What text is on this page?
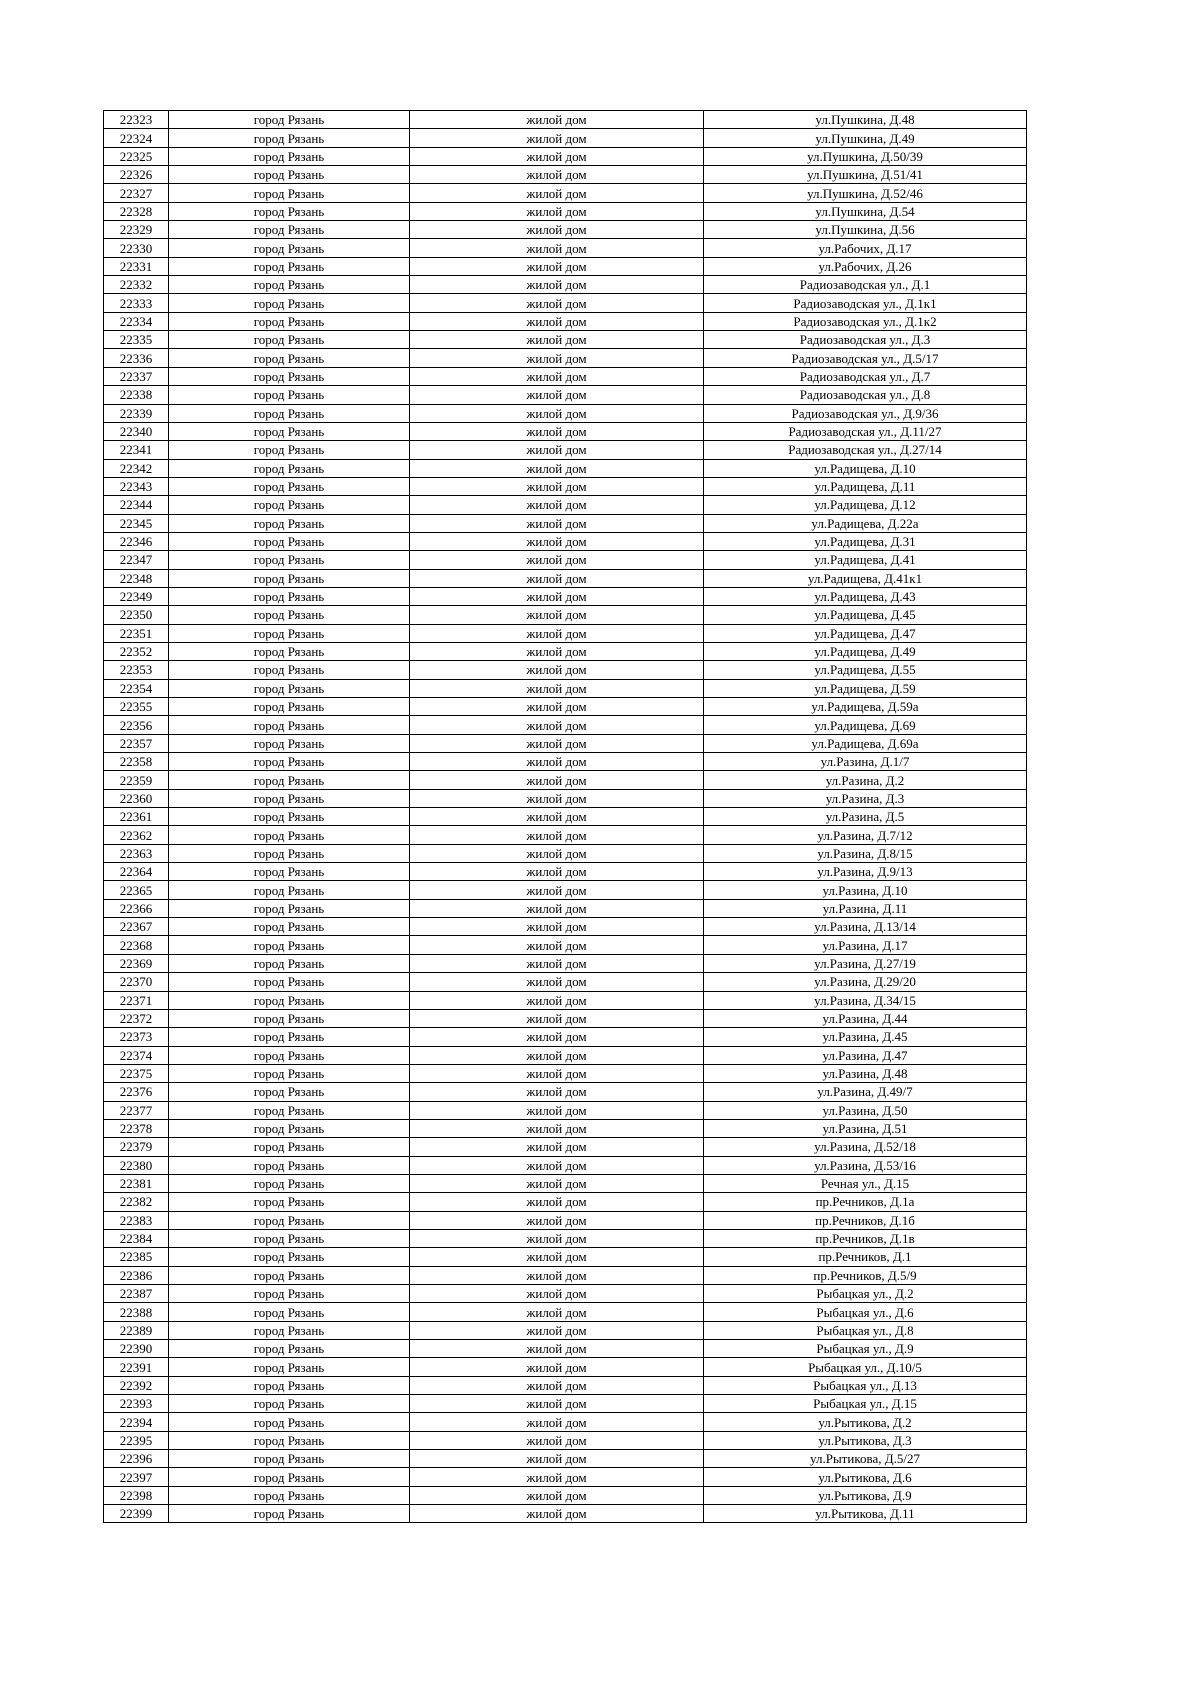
22323	город Рязань	жилой дом	ул.Пушкина, Д.48
22324	город Рязань	жилой дом	ул.Пушкина, Д.49
22325	город Рязань	жилой дом	ул.Пушкина, Д.50/39
22326	город Рязань	жилой дом	ул.Пушкина, Д.51/41
22327	город Рязань	жилой дом	ул.Пушкина, Д.52/46
22328	город Рязань	жилой дом	ул.Пушкина, Д.54
22329	город Рязань	жилой дом	ул.Пушкина, Д.56
22330	город Рязань	жилой дом	ул.Рабочих, Д.17
22331	город Рязань	жилой дом	ул.Рабочих, Д.26
22332	город Рязань	жилой дом	Радиозаводская ул., Д.1
22333	город Рязань	жилой дом	Радиозаводская ул., Д.1к1
22334	город Рязань	жилой дом	Радиозаводская ул., Д.1к2
22335	город Рязань	жилой дом	Радиозаводская ул., Д.3
22336	город Рязань	жилой дом	Радиозаводская ул., Д.5/17
22337	город Рязань	жилой дом	Радиозаводская ул., Д.7
22338	город Рязань	жилой дом	Радиозаводская ул., Д.8
22339	город Рязань	жилой дом	Радиозаводская ул., Д.9/36
22340	город Рязань	жилой дом	Радиозаводская ул., Д.11/27
22341	город Рязань	жилой дом	Радиозаводская ул., Д.27/14
22342	город Рязань	жилой дом	ул.Радищева, Д.10
22343	город Рязань	жилой дом	ул.Радищева, Д.11
22344	город Рязань	жилой дом	ул.Радищева, Д.12
22345	город Рязань	жилой дом	ул.Радищева, Д.22а
22346	город Рязань	жилой дом	ул.Радищева, Д.31
22347	город Рязань	жилой дом	ул.Радищева, Д.41
22348	город Рязань	жилой дом	ул.Радищева, Д.41к1
22349	город Рязань	жилой дом	ул.Радищева, Д.43
22350	город Рязань	жилой дом	ул.Радищева, Д.45
22351	город Рязань	жилой дом	ул.Радищева, Д.47
22352	город Рязань	жилой дом	ул.Радищева, Д.49
22353	город Рязань	жилой дом	ул.Радищева, Д.55
22354	город Рязань	жилой дом	ул.Радищева, Д.59
22355	город Рязань	жилой дом	ул.Радищева, Д.59а
22356	город Рязань	жилой дом	ул.Радищева, Д.69
22357	город Рязань	жилой дом	ул.Радищева, Д.69а
22358	город Рязань	жилой дом	ул.Разина, Д.1/7
22359	город Рязань	жилой дом	ул.Разина, Д.2
22360	город Рязань	жилой дом	ул.Разина, Д.3
22361	город Рязань	жилой дом	ул.Разина, Д.5
22362	город Рязань	жилой дом	ул.Разина, Д.7/12
22363	город Рязань	жилой дом	ул.Разина, Д.8/15
22364	город Рязань	жилой дом	ул.Разина, Д.9/13
22365	город Рязань	жилой дом	ул.Разина, Д.10
22366	город Рязань	жилой дом	ул.Разина, Д.11
22367	город Рязань	жилой дом	ул.Разина, Д.13/14
22368	город Рязань	жилой дом	ул.Разина, Д.17
22369	город Рязань	жилой дом	ул.Разина, Д.27/19
22370	город Рязань	жилой дом	ул.Разина, Д.29/20
22371	город Рязань	жилой дом	ул.Разина, Д.34/15
22372	город Рязань	жилой дом	ул.Разина, Д.44
22373	город Рязань	жилой дом	ул.Разина, Д.45
22374	город Рязань	жилой дом	ул.Разина, Д.47
22375	город Рязань	жилой дом	ул.Разина, Д.48
22376	город Рязань	жилой дом	ул.Разина, Д.49/7
22377	город Рязань	жилой дом	ул.Разина, Д.50
22378	город Рязань	жилой дом	ул.Разина, Д.51
22379	город Рязань	жилой дом	ул.Разина, Д.52/18
22380	город Рязань	жилой дом	ул.Разина, Д.53/16
22381	город Рязань	жилой дом	Речная ул., Д.15
22382	город Рязань	жилой дом	пр.Речников, Д.1а
22383	город Рязань	жилой дом	пр.Речников, Д.1б
22384	город Рязань	жилой дом	пр.Речников, Д.1в
22385	город Рязань	жилой дом	пр.Речников, Д.1
22386	город Рязань	жилой дом	пр.Речников, Д.5/9
22387	город Рязань	жилой дом	Рыбацкая ул., Д.2
22388	город Рязань	жилой дом	Рыбацкая ул., Д.6
22389	город Рязань	жилой дом	Рыбацкая ул., Д.8
22390	город Рязань	жилой дом	Рыбацкая ул., Д.9
22391	город Рязань	жилой дом	Рыбацкая ул., Д.10/5
22392	город Рязань	жилой дом	Рыбацкая ул., Д.13
22393	город Рязань	жилой дом	Рыбацкая ул., Д.15
22394	город Рязань	жилой дом	ул.Рытикова, Д.2
22395	город Рязань	жилой дом	ул.Рытикова, Д.3
22396	город Рязань	жилой дом	ул.Рытикова, Д.5/27
22397	город Рязань	жилой дом	ул.Рытикова, Д.6
22398	город Рязань	жилой дом	ул.Рытикова, Д.9
22399	город Рязань	жилой дом	ул.Рытикова, Д.11
